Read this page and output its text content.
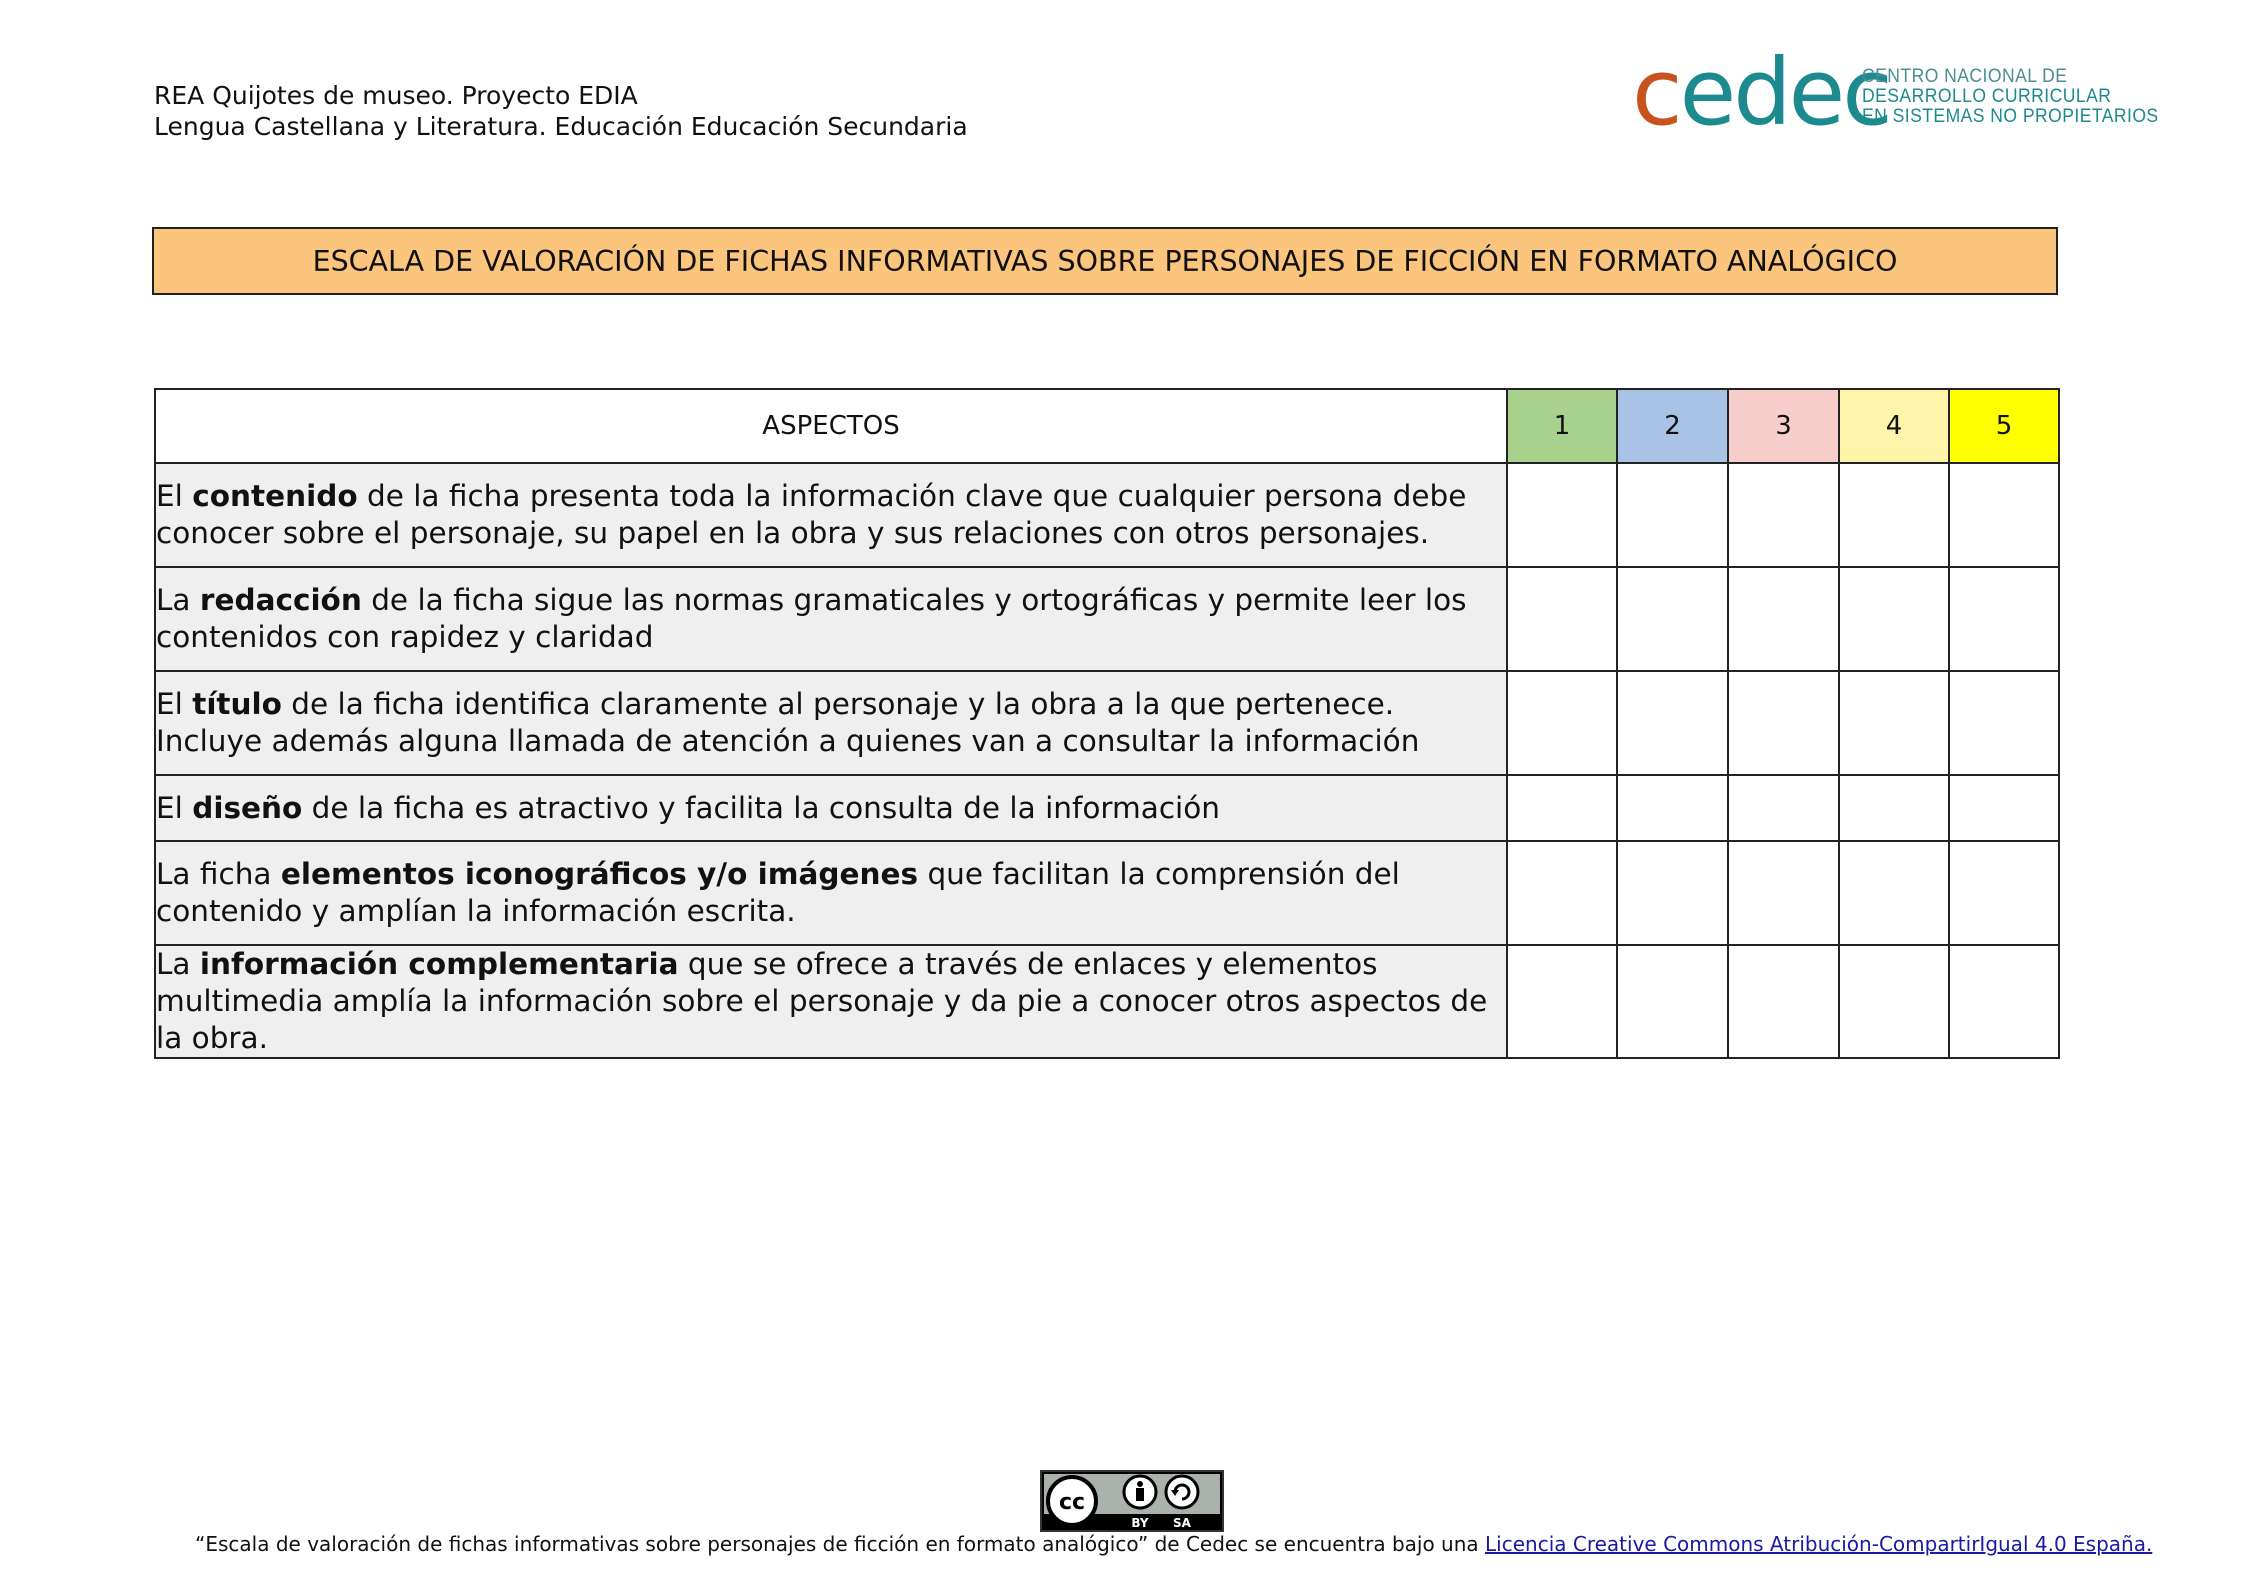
REA Quijotes de museo. Proyecto EDIA
Lengua Castellana y Literatura. Educación Educación Secundaria	cedec
CENTRO NACIONAL DE
DESARROLLO CURRICULAR
EN SISTEMAS NO PROPIETARIOS
ESCALA DE VALORACIÓN DE FICHAS INFORMATIVAS SOBRE PERSONAJES DE FICCIÓN EN FORMATO ANALÓGICO
ASPECTOS	1	2	3	4	5
El contenido de la ficha presenta toda la información clave que cualquier persona debe conocer sobre el personaje, su papel en la obra y sus relaciones con otros personajes.					
La redacción de la ficha sigue las normas gramaticales y ortográficas y permite leer los contenidos con rapidez y claridad					
El título de la ficha identifica claramente al personaje y la obra a la que pertenece. Incluye además alguna llamada de atención a quienes van a consultar la información					
El diseño de la ficha es atractivo y facilita la consulta de la información					
La ficha elementos iconográficos y/o imágenes que facilitan la comprensión del contenido y amplían la información escrita.					
La información complementaria que se ofrece a través de enlaces y elementos multimedia amplía la información sobre el personaje y da pie a conocer otros aspectos de la obra.					
cc
BY SA
“Escala de valoración de fichas informativas sobre personajes de ficción en formato analógico” de Cedec se encuentra bajo una Licencia Creative Commons Atribución-CompartirIgual 4.0 España.
